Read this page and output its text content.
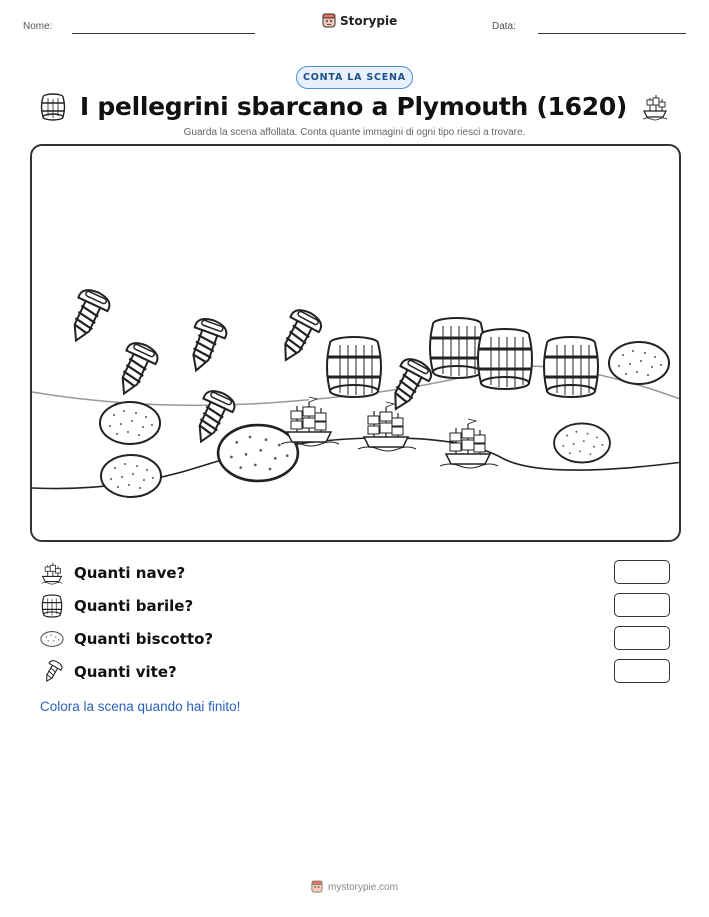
Nome:	Storypie	Data:
CONTA LA SCENA
I pellegrini sbarcano a Plymouth (1620)
Guarda la scena affollata. Conta quante immagini di ogni tipo riesci a trovare.
Quanti nave?
Quanti barile?
Quanti biscotto?
Quanti vite?
Colora la scena quando hai finito!
mystorypie.com
